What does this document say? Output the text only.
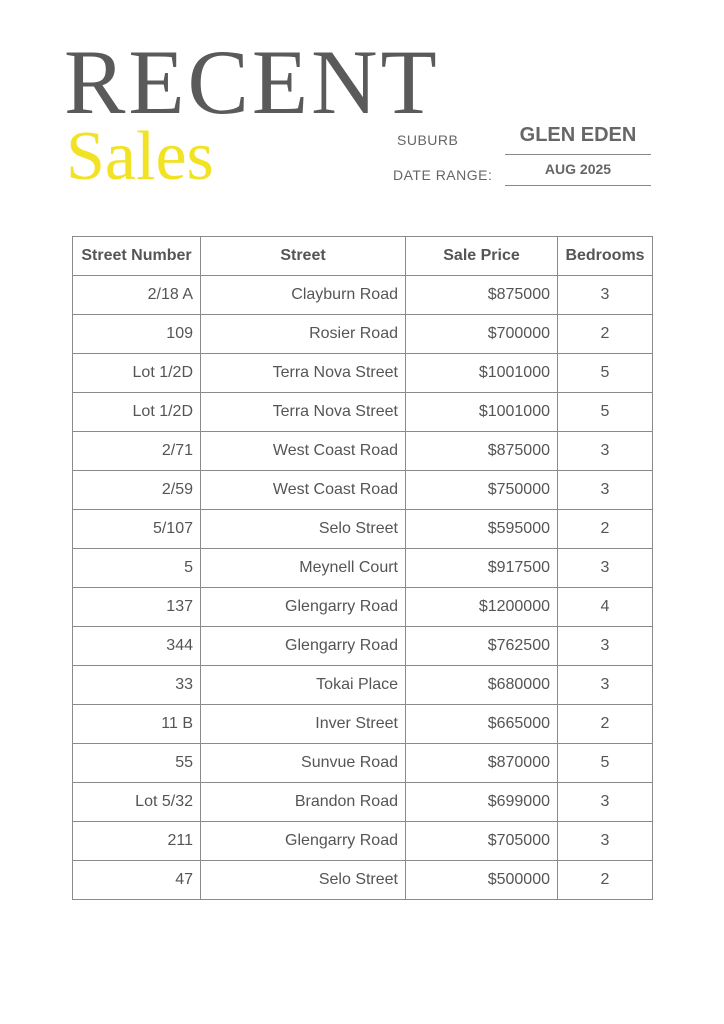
RECENT
Sales	SUBURB	GLEN EDEN
DATE RANGE:	AUG 2025
Street Number	Street	Sale Price	Bedrooms
2/18 A	Clayburn Road	$875000	3
109	Rosier Road	$700000	2
Lot 1/2D	Terra Nova Street	$1001000	5
Lot 1/2D	Terra Nova Street	$1001000	5
2/71	West Coast Road	$875000	3
2/59	West Coast Road	$750000	3
5/107	Selo Street	$595000	2
5	Meynell Court	$917500	3
137	Glengarry Road	$1200000	4
344	Glengarry Road	$762500	3
33	Tokai Place	$680000	3
11 B	Inver Street	$665000	2
55	Sunvue Road	$870000	5
Lot 5/32	Brandon Road	$699000	3
211	Glengarry Road	$705000	3
47	Selo Street	$500000	2
